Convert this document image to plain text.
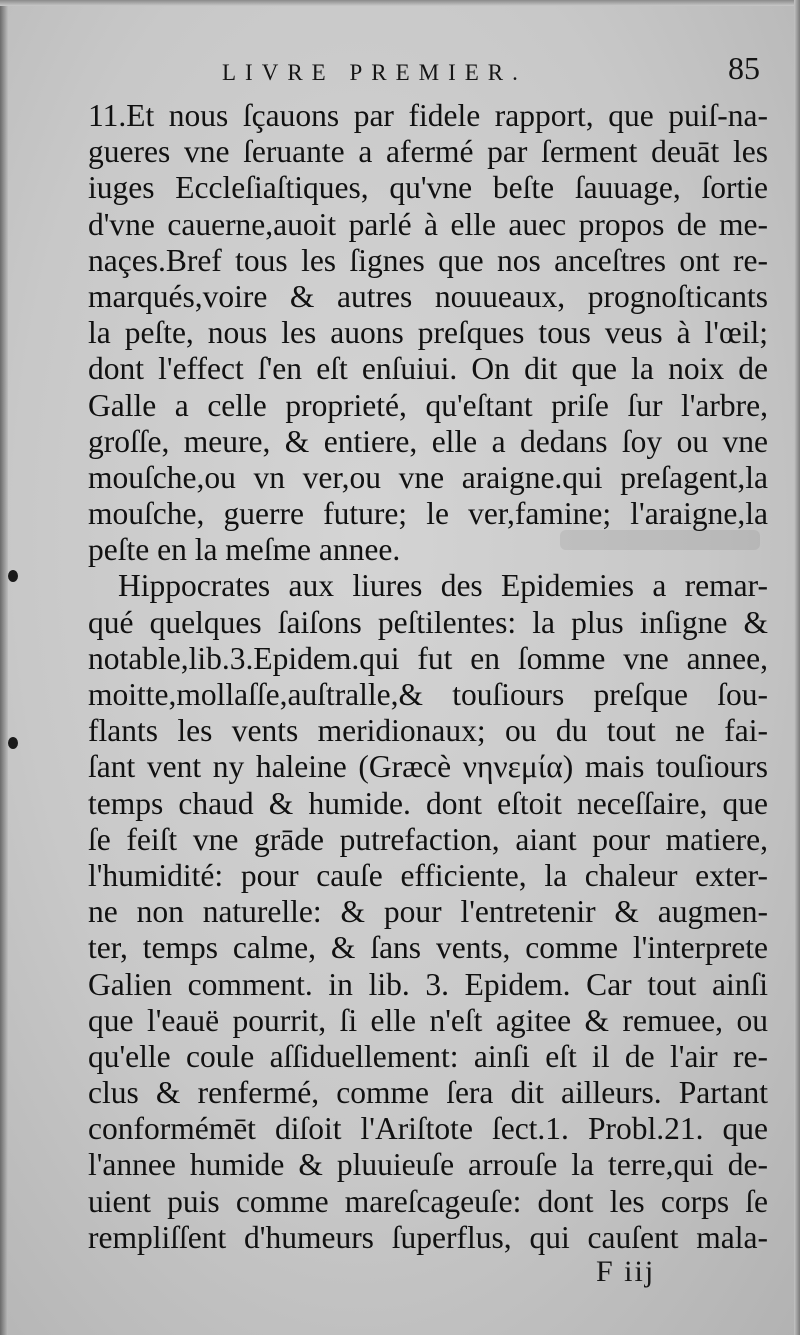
LIVRE PREMIER.	85
11.Et nous ſçauons par fidele rapport, que puiſ-na-
gueres vne ſeruante a afermé par ſerment deuāt les
iuges Eccleſiaſtiques, qu'vne beſte ſauuage, ſortie
d'vne cauerne,auoit parlé à elle auec propos de me-
naçes.Bref tous les ſignes que nos anceſtres ont re-
marqués,voire & autres nouueaux, prognoſticants
la peſte, nous les auons preſques tous veus à l'œil;
dont l'effect ſ'en eſt enſuiui. On dit que la noix de
Galle a celle proprieté, qu'eſtant priſe ſur l'arbre,
groſſe, meure, & entiere, elle a dedans ſoy ou vne
mouſche,ou vn ver,ou vne araigne.qui preſagent,la
mouſche, guerre future; le ver,famine; l'araigne,la
peſte en la meſme annee.
Hippocrates aux liures des Epidemies a remar-
qué quelques ſaiſons peſtilentes: la plus inſigne &
notable,lib.3.Epidem.qui fut en ſomme vne annee,
moitte,mollaſſe,auſtralle,& touſiours preſque ſou-
flants les vents meridionaux; ou du tout ne fai-
ſant vent ny haleine (Græcè νηνεμία) mais touſiours
temps chaud & humide. dont eſtoit neceſſaire, que
ſe feiſt vne grāde putrefaction, aiant pour matiere,
l'humidité: pour cauſe efficiente, la chaleur exter-
ne non naturelle: & pour l'entretenir & augmen-
ter, temps calme, & ſans vents, comme l'interprete
Galien comment. in lib. 3. Epidem. Car tout ainſi
que l'eauë pourrit, ſi elle n'eſt agitee & remuee, ou
qu'elle coule aſſiduellement: ainſi eſt il de l'air re-
clus & renfermé, comme ſera dit ailleurs. Partant
conformémēt diſoit l'Ariſtote ſect.1. Probl.21. que
l'annee humide & pluuieuſe arrouſe la terre,qui de-
uient puis comme mareſcageuſe: dont les corps ſe
rempliſſent d'humeurs ſuperflus, qui cauſent mala-
F iij
